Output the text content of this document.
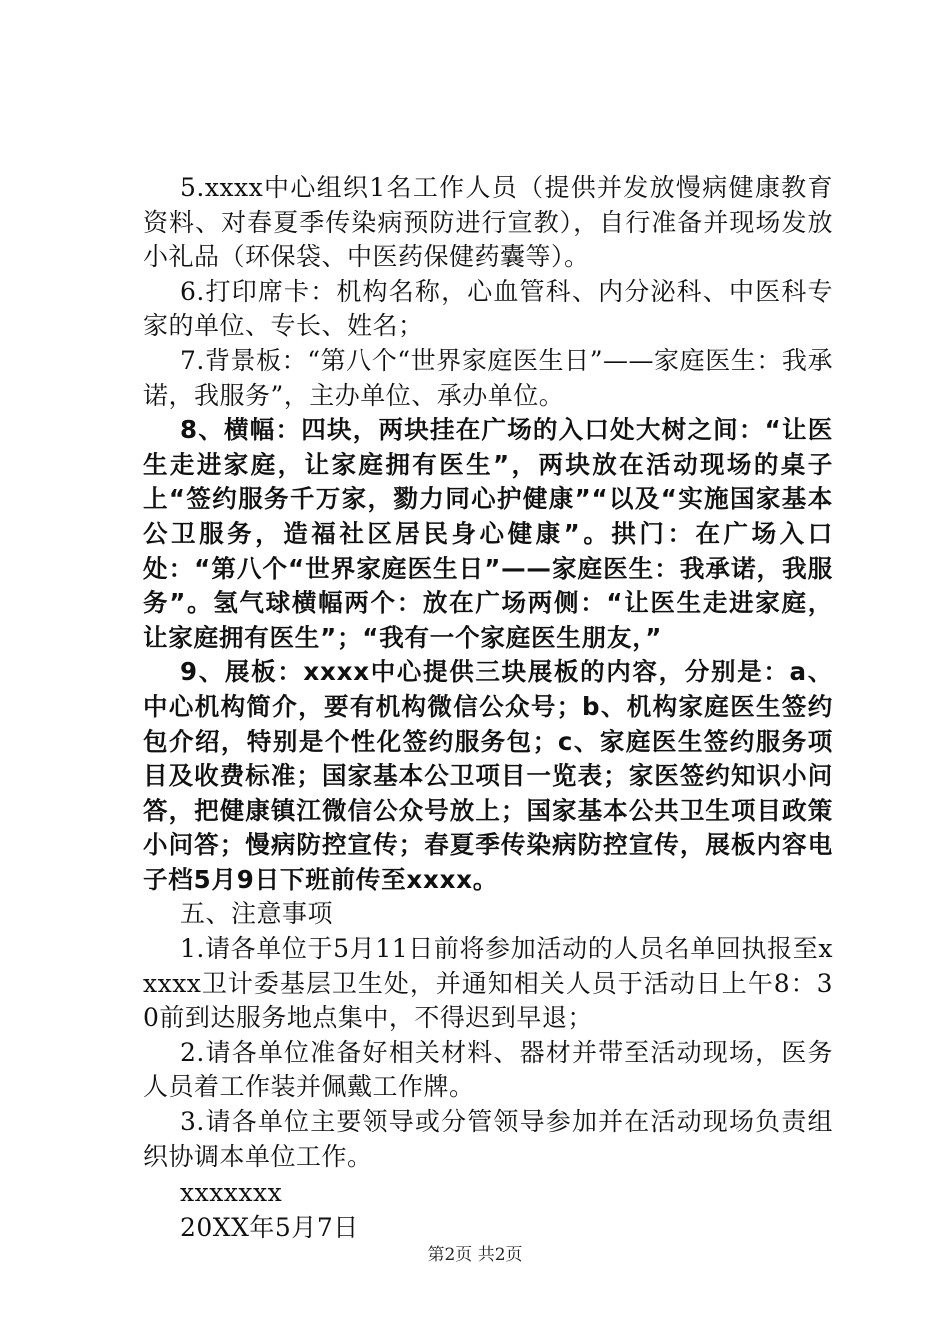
5.xxxx中心组织1名工作人员（提供并发放慢病健康教育资料、对春夏季传染病预防进行宣教），自行准备并现场发放小礼品（环保袋、中医药保健药囊等）。

6.打印席卡：机构名称，心血管科、内分泌科、中医科专家的单位、专长、姓名；

7.背景板：“第八个“世界家庭医生日”——家庭医生：我承诺，我服务”，主办单位、承办单位。

8、横幅：四块，两块挂在广场的入口处大树之间：“让医生走进家庭，让家庭拥有医生”，两块放在活动现场的桌子上“签约服务千万家，勠力同心护健康”“以及“实施国家基本公卫服务，造福社区居民身心健康”。拱门：在广场入口处：“第八个“世界家庭医生日”——家庭医生：我承诺，我服务”。氢气球横幅两个：放在广场两侧：“让医生走进家庭，让家庭拥有医生”；“我有一个家庭医生朋友，”

9、展板：xxxx中心提供三块展板的内容，分别是：a、中心机构简介，要有机构微信公众号；b、机构家庭医生签约包介绍，特别是个性化签约服务包；c、家庭医生签约服务项目及收费标准；国家基本公卫项目一览表；家医签约知识小问答，把健康镇江微信公众号放上；国家基本公共卫生项目政策小问答；慢病防控宣传；春夏季传染病防控宣传，展板内容电子档5月9日下班前传至xxxx。

五、注意事项

1.请各单位于5月11日前将参加活动的人员名单回执报至xxxxx卫计委基层卫生处，并通知相关人员于活动日上午8：30前到达服务地点集中，不得迟到早退；

2.请各单位准备好相关材料、器材并带至活动现场，医务人员着工作装并佩戴工作牌。

3.请各单位主要领导或分管领导参加并在活动现场负责组织协调本单位工作。

xxxxxxx

20XX年5月7日

第2页 共2页
